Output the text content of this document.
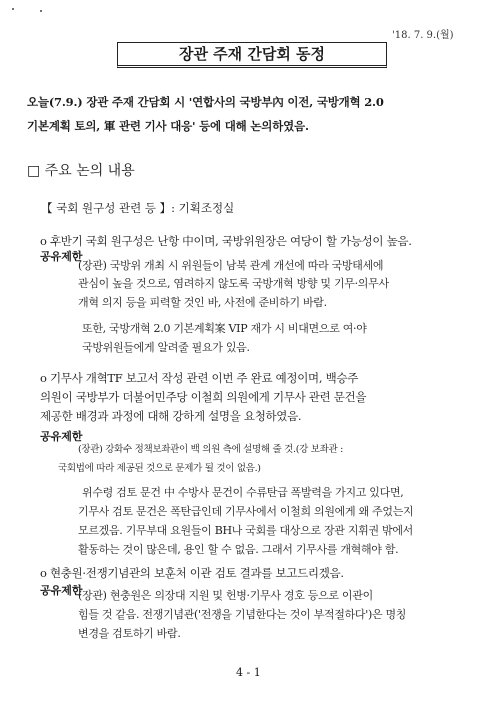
'18. 7. 9.(월)
장관 주재 간담회 동정
오늘(7.9.) 장관 주재 간담회 시 '연합사의 국방부內 이전, 국방개혁 2.0
기본계획 토의, 軍 관련 기사 대응' 등에 대해 논의하였음.
□ 주요 논의 내용
【 국회 원구성 관련 등 】: 기획조정실
o 후반기 국회 원구성은 난항 中이며, 국방위원장은 여당이 할 가능성이 높음.
공유제한
(장관) 국방위 개최 시 위원들이 남북 관계 개선에 따라 국방태세에
관심이 높을 것으로, 염려하지 않도록 국방개혁 방향 및 기무·의무사
개혁 의지 등을 피력할 것인 바, 사전에 준비하기 바람.
또한, 국방개혁 2.0 기본계획案 VIP 재가 시 비대면으로 여·야
국방위원들에게 알려줄 필요가 있음.
o 기무사 개혁TF 보고서 작성 관련 이번 주 완료 예정이며, 백승주
의원이 국방부가 더불어민주당 이철희 의원에게 기무사 관련 문건을
제공한 배경과 과정에 대해 강하게 설명을 요청하였음.
공유제한
(장관) 강화수 정책보좌관이 백 의원 측에 설명해 줄 것.(강 보좌관 :
국회법에 따라 제공된 것으로 문제가 될 것이 없음.)
위수령 검토 문건 中 수방사 문건이 수류탄급 폭발력을 가지고 있다면,
기무사 검토 문건은 폭탄급인데 기무사에서 이철희 의원에게 왜 주었는지
모르겠음. 기무부대 요원들이 BH나 국회를 대상으로 장관 지휘권 밖에서
활동하는 것이 많은데, 용인 할 수 없음. 그래서 기무사를 개혁해야 함.
o 현충원·전쟁기념관의 보훈처 이관 검토 결과를 보고드리겠음.
공유제한
(장관) 현충원은 의장대 지원 및 헌병·기무사 경호 등으로 이관이
힘들 것 같음. 전쟁기념관('전쟁을 기념한다는 것이 부적절하다')은 명칭
변경을 검토하기 바람.
4 - 1
